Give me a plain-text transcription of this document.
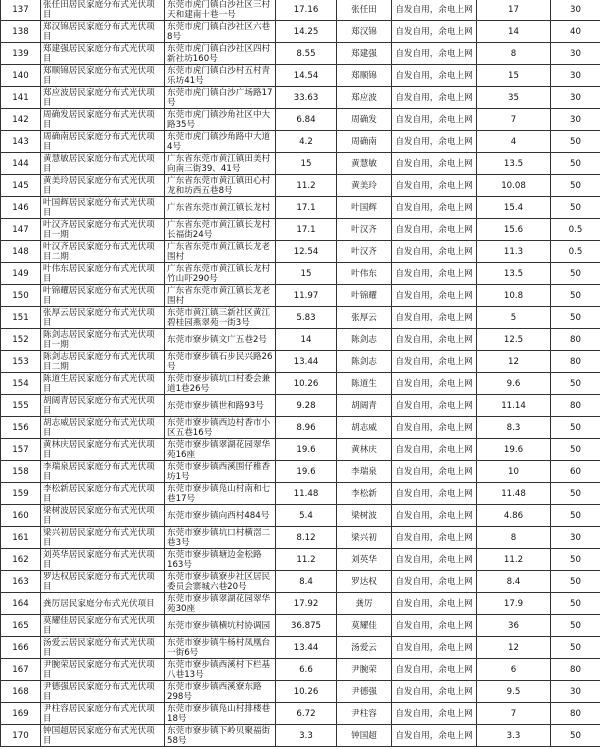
137	张任田居民家庭分布式光伏项目	东莞市虎门镇白沙社区三村天和建南十巷一号	17.16	张任田	自发自用，余电上网	17	30
138	郑汉锦居民家庭分布式光伏项目	东莞市虎门镇白沙社区六巷8号	14.25	郑汉锦	自发自用，余电上网	14	40
139	郑建强居民家庭分布式光伏项目	东莞市虎门镇白沙社区四村新社坊160号	8.55	郑建强	自发自用，余电上网	8	30
140	郑顺锦居民家庭分布式光伏项目	东莞市虎门镇白沙村五村青乐坊41号	14.54	郑顺锦	自发自用，余电上网	15	30
141	郑应波居民家庭分布式光伏项目	东莞市虎门镇白沙广场路17号	33.63	郑应波	自发自用，余电上网	35	30
142	周确发居民家庭分布式光伏项目	东莞市虎门镇沙角社区中大路35号	6.84	周确发	自发自用，余电上网	7	30
143	周确南居民家庭分布式光伏项目	东莞市虎门镇沙角路中大道4号	4.2	周确南	自发自用，余电上网	4	50
144	黄慧敏居民家庭分布式光伏项目	广东省东莞市黄江镇田美村向南三街39、41号	15	黄慧敏	自发自用，余电上网	13.5	50
145	黄美玲居民家庭分布式光伏项目	广东省东莞市黄江镇田心村龙和坊西五巷8号	11.2	黄美玲	自发自用，余电上网	10.08	50
146	叶国辉居民家庭分布式光伏项目	广东省东莞市黄江镇长龙村	17.1	叶国辉	自发自用，余电上网	15.4	50
147	叶汉齐居民家庭分布式光伏项目一期	广东省东莞市黄江镇长龙村长福街24号	17.1	叶汉齐	自发自用，余电上网	15.6	0.5
148	叶汉齐居民家庭分布式光伏项目二期	广东省东莞市黄江镇长龙老围村	12.54	叶汉齐	自发自用，余电上网	11.3	0.5
149	叶伟东居民家庭分布式光伏项目	广东省东莞市黄江镇长龙村竹山吓290号	15	叶伟东	自发自用，余电上网	13.5	50
150	叶锦耀居民家庭分布式光伏项目	广东省东莞市黄江镇长龙老围村	11.97	叶锦耀	自发自用，余电上网	10.8	50
151	张厚云居民家庭分布式光伏项目	东莞市黄江镇三新社区黄江碧桂园燕翠苑一街3号	5.83	张厚云	自发自用，余电上网	5	50
152	陈剑志居民家庭分布式光伏项目一期	东莞市寮步镇文广五巷2号	14	陈剑志	自发自用，余电上网	12.5	80
153	陈剑志居民家庭分布式光伏项目二期	东莞市寮步镇石步民兴路26号	13.44	陈剑志	自发自用，余电上网	12	80
154	陈道生居民家庭分布式光伏项目	东莞市寮步镇坑口村委会兼道1巷26号	10.26	陈道生	自发自用，余电上网	9.6	50
155	胡阔青居民家庭分布式光伏项目	东莞市寮步镇世和路93号	9.28	胡阔青	自发自用，余电上网	11.14	80
156	胡志威居民家庭分布式光伏项目	东莞市寮步镇西边村香市小区五巷16号	8.96	胡志威	自发自用，余电上网	8.3	50
157	黄林庆居民家庭分布式光伏项目	东莞市寮步镇翠湖花园翠华苑16座	19.6	黄林庆	自发自用，余电上网	19.6	50
158	李瑞泉居民家庭分布式光伏项目	东莞市寮步镇西溪围仔稚香坊1号	19.6	李瑞泉	自发自用，余电上网	10	60
159	李松新居民家庭分布式光伏项目	东莞市寮步镇凫山村南和七巷17号	11.48	李松新	自发自用，余电上网	11.48	50
160	梁树波居民家庭分布式光伏项目	东莞市寮步镇向西村484号	5.4	梁树波	自发自用，余电上网	4.86	50
161	梁兴初居民家庭分布式光伏项目	东莞市寮步镇坑口村横滘二巷3号	8.12	梁兴初	自发自用，余电上网	8	30
162	刘英华居民家庭分布式光伏项目	东莞市寮步镇塘边金松路163号	11.2	刘英华	自发自用，余电上网	11.2	50
163	罗达权居民家庭分布式光伏项目	东莞市寮步镇寮步社区居民委员会寨城六巷20号	8.4	罗达权	自发自用，余电上网	8.4	50
164	龚厉居民家庭分布式光伏项目	东莞市寮步镇翠湖花园翠华苑30座	17.92	龚厉	自发自用，余电上网	17.9	50
165	莫耀佳居民家庭分布式光伏项目	东莞市寮步镇横坑村协调园	36.875	莫耀佳	自发自用，余电上网	36	50
166	汤爱云居民家庭分布式光伏项目	东莞市寮步镇牛杨村凤凰台一街6号	13.44	汤爱云	自发自用，余电上网	12	50
167	尹腕荣居民家庭分布式光伏项目	东莞市寮步镇西溪村下栏基八巷13号	6.6	尹腕荣	自发自用，余电上网	6	80
168	尹德强居民家庭分布式光伏项目	东莞市寮步镇西溪寮东路298号	10.26	尹德强	自发自用，余电上网	9.5	30
169	尹柱容居民家庭分布式光伏项目	东莞市寮步镇凫山村排楼巷18号	6.72	尹柱容	自发自用，余电上网	7	80
170	钟国超居民家庭分布式光伏项目	东莞市寮步镇下岭贝聚福街58号	3.3	钟国超	自发自用，余电上网	3.3	50
